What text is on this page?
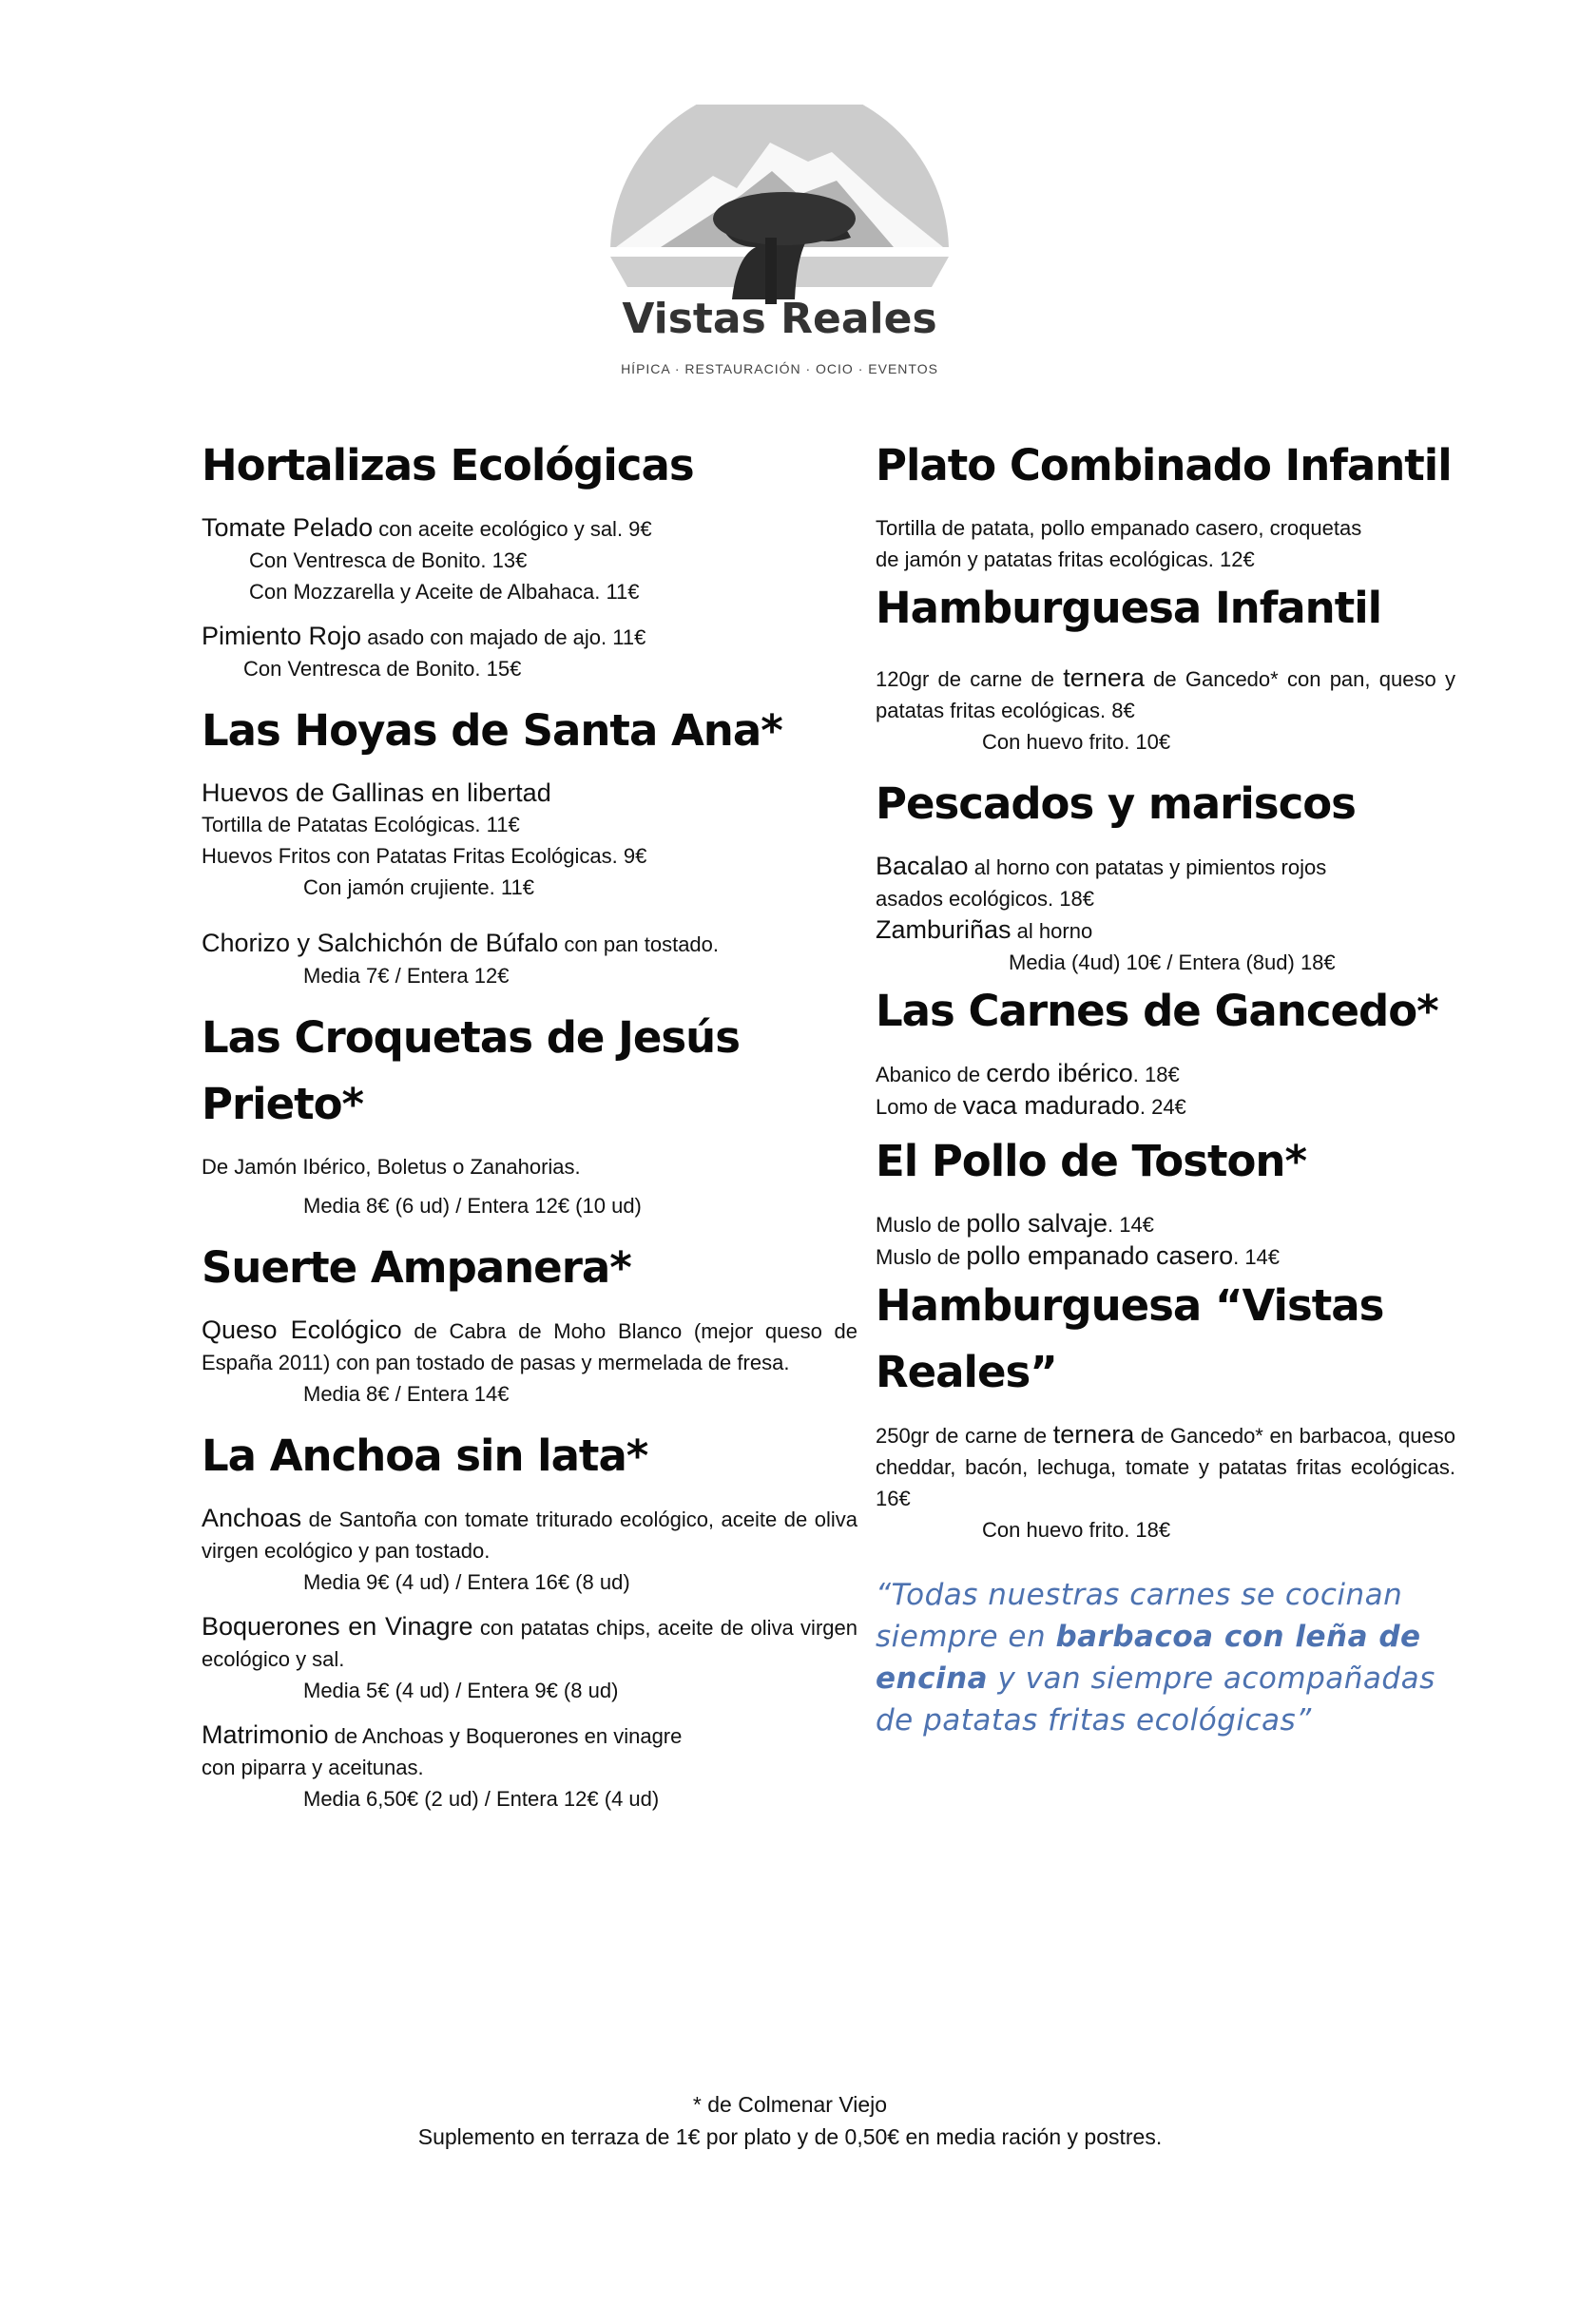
Vistas Reales
HÍPICA · RESTAURACIÓN · OCIO · EVENTOS
Hortalizas Ecológicas
Tomate Pelado con aceite ecológico y sal. 9€
Con Ventresca de Bonito. 13€
Con Mozzarella y Aceite de Albahaca. 11€
Pimiento Rojo asado con majado de ajo. 11€
Con Ventresca de Bonito. 15€
Las Hoyas de Santa Ana*
Huevos de Gallinas en libertad
Tortilla de Patatas Ecológicas. 11€
Huevos Fritos con Patatas Fritas Ecológicas. 9€
Con jamón crujiente. 11€
Chorizo y Salchichón de Búfalo con pan tostado.
Media 7€ / Entera 12€
Las Croquetas de Jesús Prieto*
De Jamón Ibérico, Boletus o Zanahorias.
Media 8€ (6 ud) / Entera 12€ (10 ud)
Suerte Ampanera*
Queso Ecológico de Cabra de Moho Blanco (mejor queso de España 2011) con pan tostado de pasas y mermelada de fresa.
Media 8€ / Entera 14€
La Anchoa sin lata*
Anchoas de Santoña con tomate triturado ecológico, aceite de oliva virgen ecológico y pan tostado.
Media 9€ (4 ud) / Entera 16€ (8 ud)
Boquerones en Vinagre con patatas chips, aceite de oliva virgen ecológico y sal.
Media 5€ (4 ud) / Entera 9€ (8 ud)
Matrimonio de Anchoas y Boquerones en vinagre
con piparra y aceitunas.
Media 6,50€ (2 ud) / Entera 12€ (4 ud)
Plato Combinado Infantil
Tortilla de patata, pollo empanado casero, croquetas
de jamón y patatas fritas ecológicas. 12€
Hamburguesa Infantil
120gr de carne de ternera de Gancedo* con pan, queso y patatas fritas ecológicas. 8€
Con huevo frito. 10€
Pescados y mariscos
Bacalao al horno con patatas y pimientos rojos
asados ecológicos. 18€
Zamburiñas al horno
Media (4ud) 10€ / Entera (8ud) 18€
Las Carnes de Gancedo*
Abanico de cerdo ibérico. 18€
Lomo de vaca madurado. 24€
El Pollo de Toston*
Muslo de pollo salvaje. 14€
Muslo de pollo empanado casero. 14€
Hamburguesa “Vistas Reales”
250gr de carne de ternera de Gancedo* en barbacoa, queso cheddar, bacón, lechuga, tomate y patatas fritas ecológicas. 16€
Con huevo frito. 18€
“Todas nuestras carnes se cocinan siempre en barbacoa con leña de encina y van siempre acompañadas de patatas fritas ecológicas”
* de Colmenar Viejo
Suplemento en terraza de 1€ por plato y de 0,50€ en media ración y postres.
